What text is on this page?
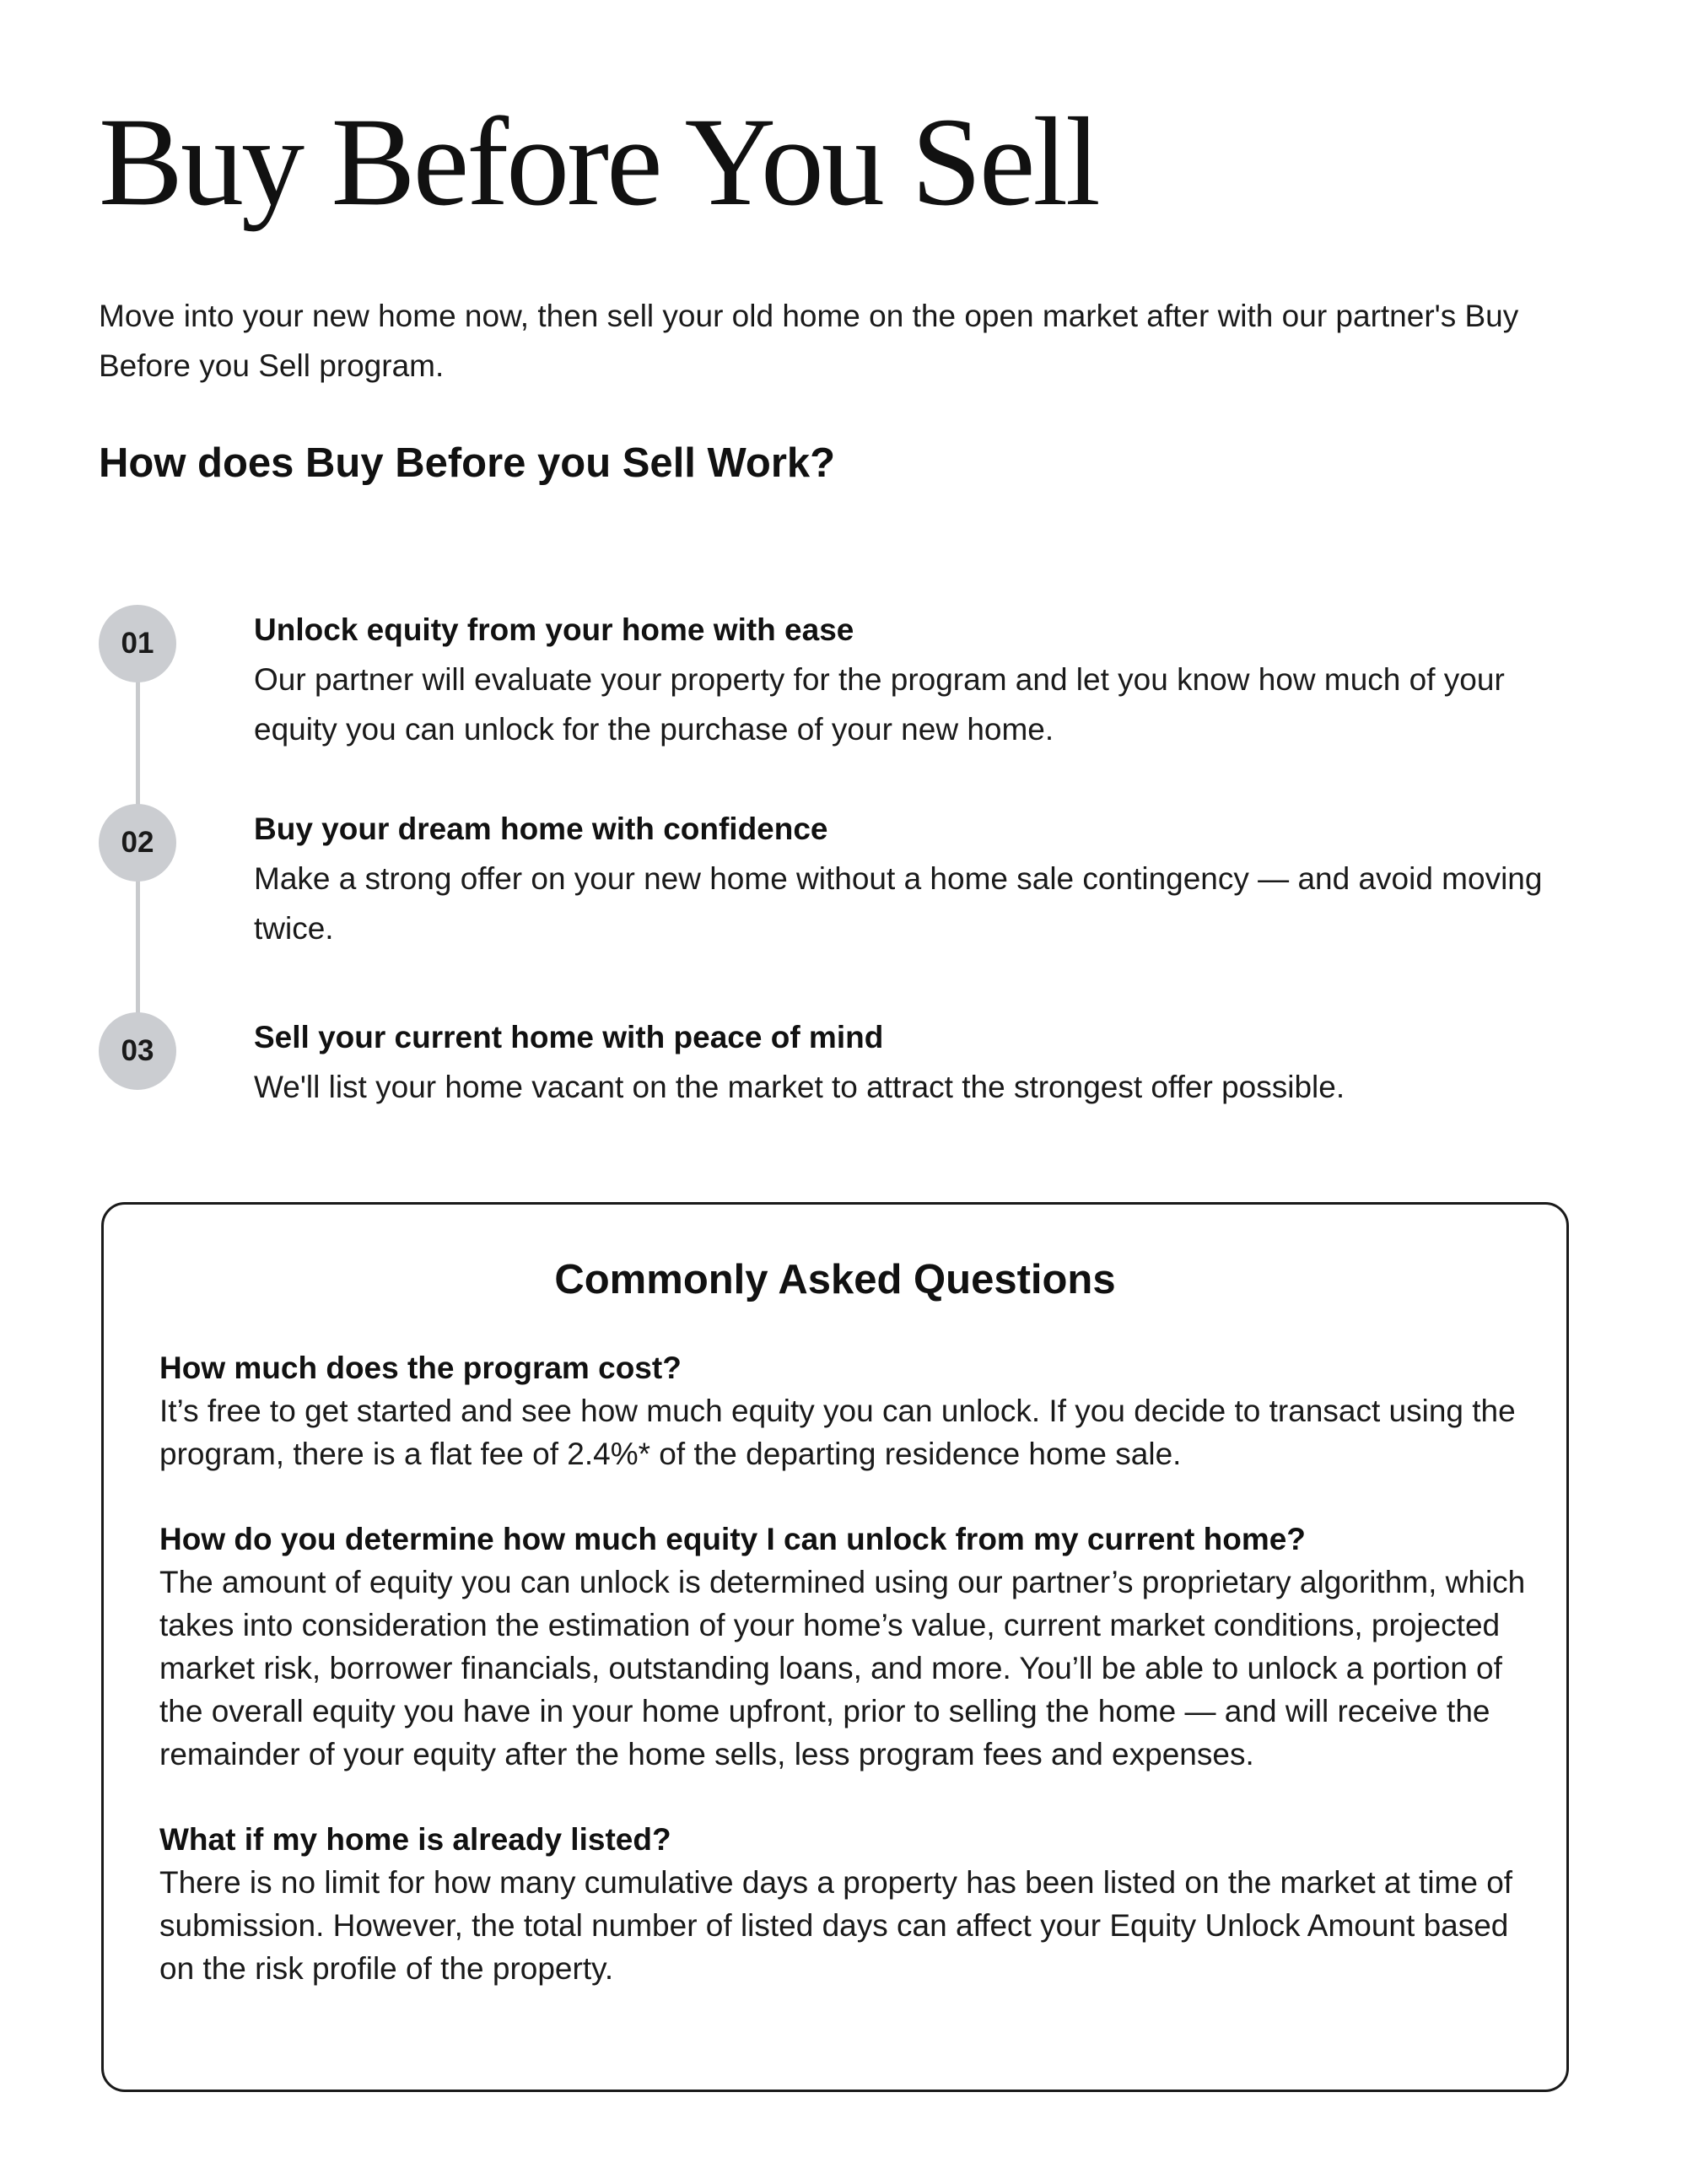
Buy Before You Sell

Move into your new home now, then sell your old home on the open market after with our partner's Buy Before you Sell program.

How does Buy Before you Sell Work?
01	Unlock equity from your home with ease

Our partner will evaluate your property for the program and let you know how much of your equity you can unlock for the purchase of your new home.

02	Buy your dream home with confidence

Make a strong offer on your new home without a home sale contingency — and avoid moving twice.

03	Sell your current home with peace of mind

We'll list your home vacant on the market to attract the strongest offer possible.

Commonly Asked Questions

How much does the program cost?

It’s free to get started and see how much equity you can unlock. If you decide to transact using the program, there is a flat fee of 2.4%* of the departing residence home sale.

How do you determine how much equity I can unlock from my current home?

The amount of equity you can unlock is determined using our partner’s proprietary algorithm, which takes into consideration the estimation of your home’s value, current market conditions, projected market risk, borrower financials, outstanding loans, and more. You’ll be able to unlock a portion of the overall equity you have in your home upfront, prior to selling the home — and will receive the remainder of your equity after the home sells, less program fees and expenses.

What if my home is already listed?

There is no limit for how many cumulative days a property has been listed on the market at time of submission. However, the total number of listed days can affect your Equity Unlock Amount based on the risk profile of the property.
